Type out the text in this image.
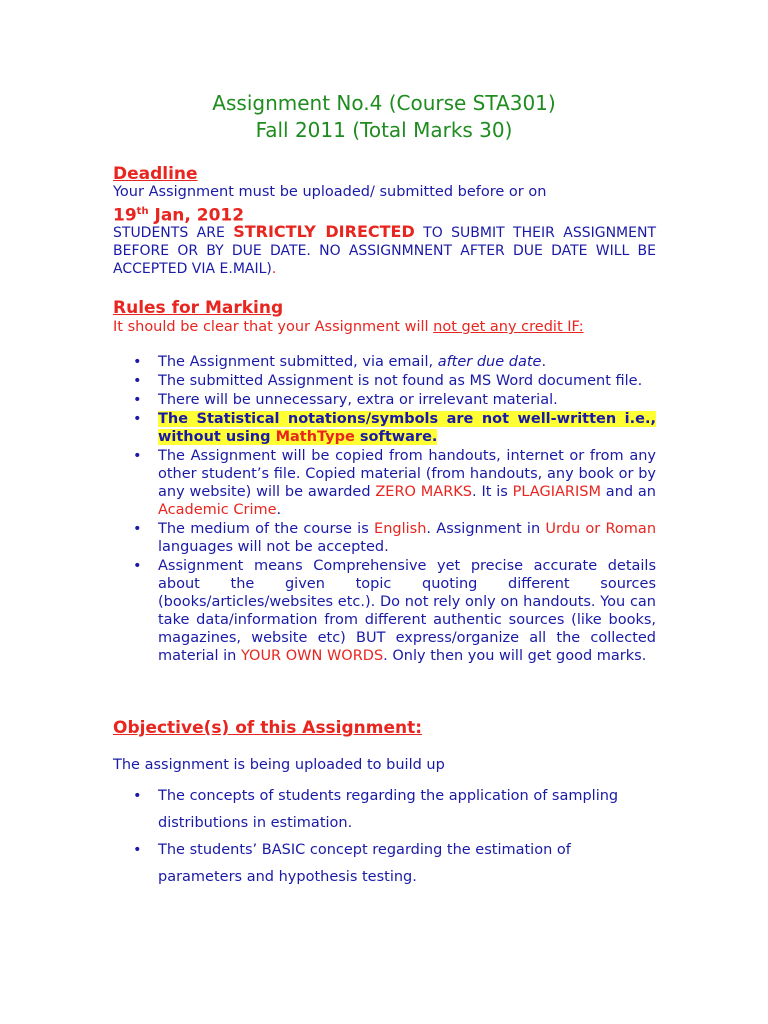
Assignment No.4 (Course STA301)
Fall 2011 (Total Marks 30)
Deadline
Your Assignment must be uploaded/ submitted before or on
19th Jan, 2012
STUDENTS ARE STRICTLY DIRECTED TO SUBMIT THEIR ASSIGNMENT BEFORE OR BY DUE DATE. NO ASSIGNMNENT AFTER DUE DATE WILL BE ACCEPTED VIA E.MAIL).
Rules for Marking
It should be clear that your Assignment will not get any credit IF:
• The Assignment submitted, via email, after due date.
• The submitted Assignment is not found as MS Word document file.
• There will be unnecessary, extra or irrelevant material.
• The Statistical notations/symbols are not well-written i.e., without using MathType software.
• The Assignment will be copied from handouts, internet or from any other student’s file. Copied material (from handouts, any book or by any website) will be awarded ZERO MARKS. It is PLAGIARISM and an Academic Crime.
• The medium of the course is English. Assignment in Urdu or Roman languages will not be accepted.
• Assignment means Comprehensive yet precise accurate details about the given topic quoting different sources (books/articles/websites etc.). Do not rely only on handouts. You can take data/information from different authentic sources (like books, magazines, website etc) BUT express/organize all the collected material in YOUR OWN WORDS. Only then you will get good marks.
Objective(s) of this Assignment:
The assignment is being uploaded to build up
• The concepts of students regarding the application of sampling distributions in estimation.
• The students’ BASIC concept regarding the estimation of parameters and hypothesis testing.
